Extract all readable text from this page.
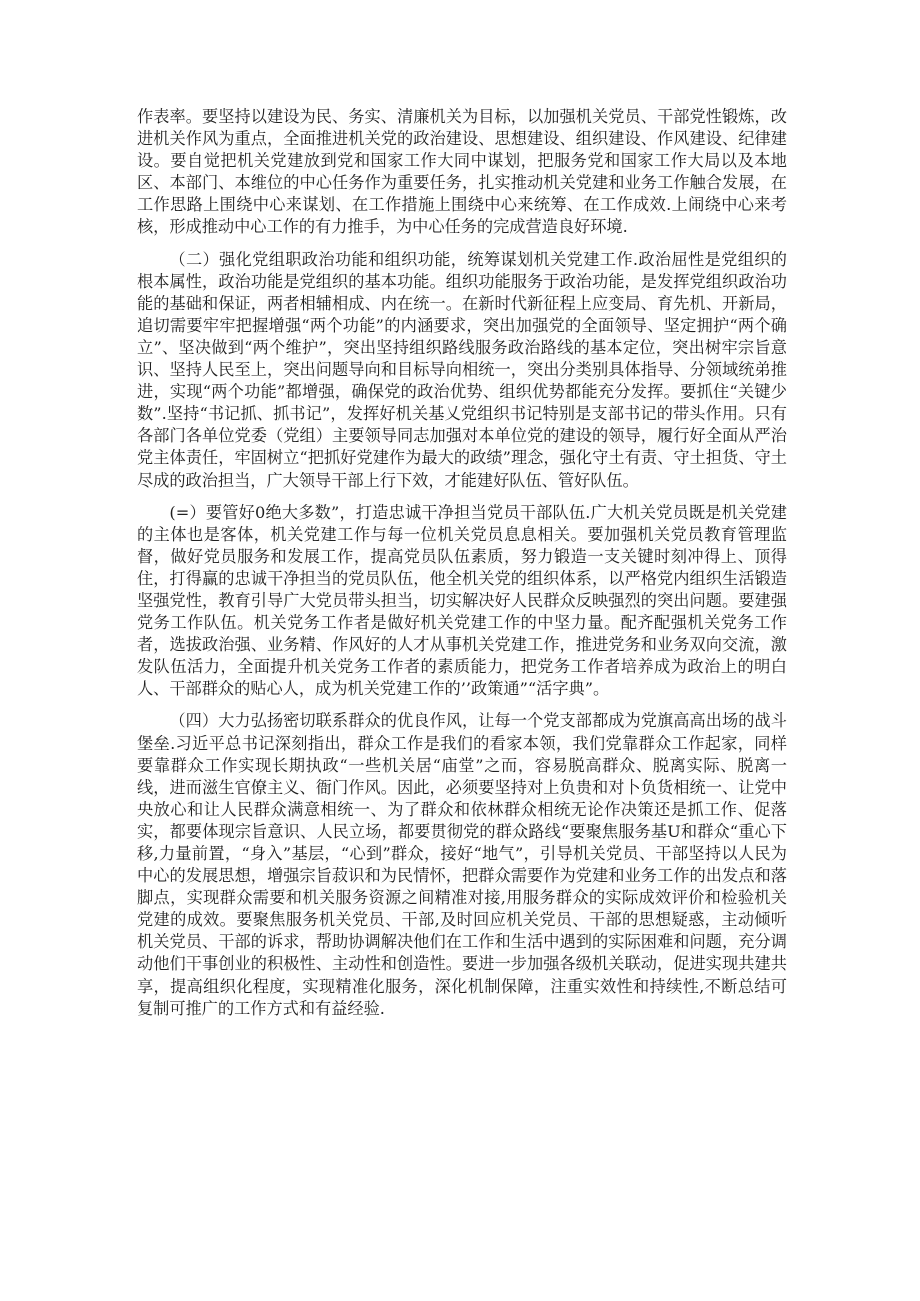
作表率。要坚持以建设为民、务实、清廉机关为目标，以加强机关党员、干部党性锻炼，改进机关作风为重点，全面推进机关党的政治建设、思想建设、组织建设、作风建设、纪律建设。要自觉把机关党建放到党和国家工作大同中谋划，把服务党和国家工作大局以及本地区、本部门、本维位的中心任务作为重要任务，扎实推动机关党建和业务工作触合发展，在工作思路上围绕中心来谋划、在工作措施上围绕中心来统筹、在工作成效.上闹绕中心来考核，形成推动中心工作的有力推手，为中心任务的完成营造良好环境.

（二）强化党组职政治功能和组织功能，统筹谋划机关党建工作.政治屈性是党组织的根本属性，政治功能是党组织的基本功能。组织功能服务于政治功能，是发挥党组织政治功能的基础和保证，两者相辅相成、内在统一。在新时代新征程上应变局、育先机、开新局，追切需要牢牢把握增强“两个功能”的内涵要求，突出加强党的全面领导、坚定拥护“两个确立”、坚决做到“两个维护”，突出坚持组织路线服务政治路线的基本定位，突出树牢宗旨意识、坚持人民至上，突出问题导向和目标导向相统一，突出分类别具体指导、分领域统弟推进，实现“两个功能”都增强，确保党的政治优势、组织优势都能充分发挥。要抓住“关键少数”.坚持“书记抓、抓书记”，发挥好机关基乂党组织书记特别是支部书记的带头作用。只有各部门各单位党委（党组）主要领导同志加强对本单位党的建设的领导，履行好全面从严治党主体责任，牢固树立“把抓好党建作为最大的政绩”理念，强化守土有责、守土担货、守土尽成的政治担当，广大领导干部上行下效，才能建好队伍、管好队伍。

(=）要管好0绝大多数”，打造忠诚干净担当党员干部队伍.广大机关党员既是机关党建的主体也是客体，机关党建工作与每一位机关党员息息相关。要加强机关党员教育管理监督，做好党员服务和发展工作，提高党员队伍素质，努力锻造一支关键时刻冲得上、顶得住，打得赢的忠诚干净担当的党员队伍，他全机关党的组织体系，以严格党内组织生活锻造坚强党性，教育引导广大党员带头担当，切实解决好人民群众反映强烈的突出问题。要建强党务工作队伍。机关党务工作者是做好机关党建工作的中坚力量。配齐配强机关党务工作者，选拔政治强、业务精、作风好的人才从事机关党建工作，推进党务和业务双向交流，激发队伍活力，全面提升机关党务工作者的素质能力，把党务工作者培养成为政治上的明白人、干部群众的贴心人，成为机关党建工作的’’政策通”“活字典”。

（四）大力弘扬密切联系群众的优良作风，让每一个党支部都成为党旗高高出场的战斗堡垒.习近平总书记深刻指出，群众工作是我们的看家本领，我们党靠群众工作起家，同样要靠群众工作实现长期执政“一些机关居“庙堂”之而，容易脱高群众、脱离实际、脱离一线，进而滋生官僚主义、衙门作风。因此，必须要坚持对上负贵和对卜负货相统一、让党中央放心和让人民群众满意相统一、为了群众和依林群众相统无论作决策还是抓工作、促落实，都要体现宗旨意识、人民立场，都要贯彻党的群众路线“要聚焦服务基U和群众“重心下移,力量前置，“身入”基层，“心到”群众，接好“地气”，引导机关党员、干部坚持以人民为中心的发展思想，增强宗旨菽识和为民情怀，把群众需要作为党建和业务工作的出发点和落脚点，实现群众需要和机关服务资源之间精准对接,用服务群众的实际成效评价和检验机关党建的成效。要聚焦服务机关党员、干部,及时回应机关党员、干部的思想疑惑，主动倾听机关党员、干部的诉求，帮助协调解决他们在工作和生活中遇到的实际困难和问题，充分调动他们干事创业的积极性、主动性和创造性。要进一步加强各级机关联动，促进实现共建共享，提高组织化程度，实现精准化服务，深化机制保障，注重实效性和持续性,不断总结可复制可推广的工作方式和有益经验.
